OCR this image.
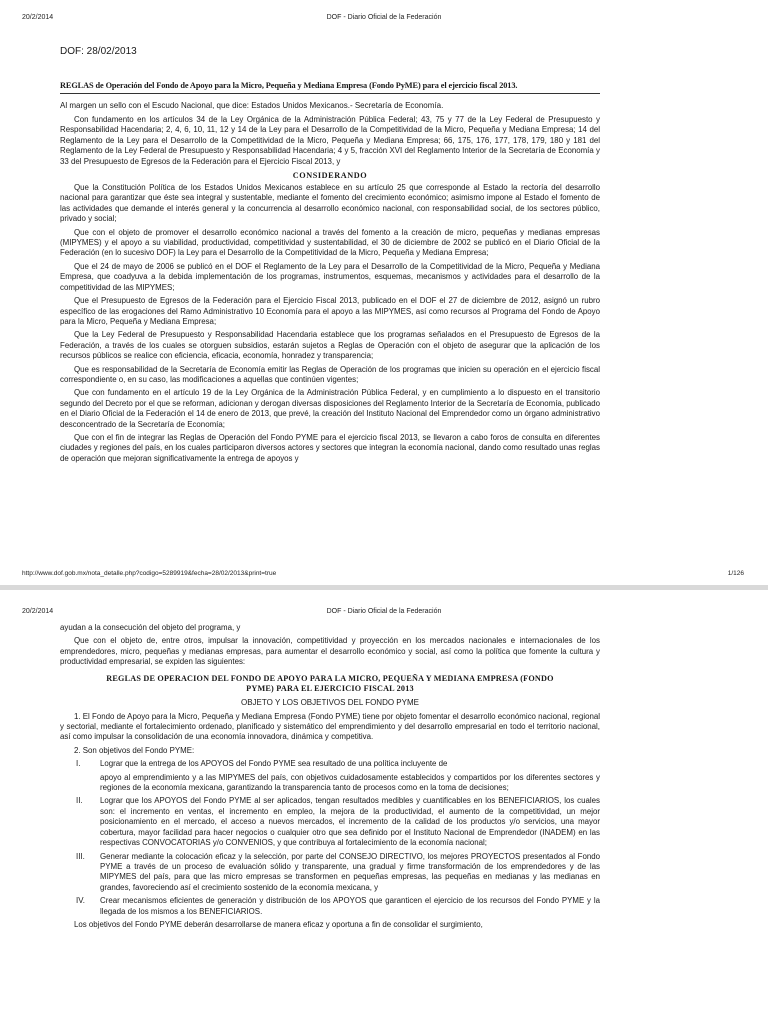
20/2/2014	DOF - Diario Oficial de la Federación

DOF: 28/02/2013

REGLAS de Operación del Fondo de Apoyo para la Micro, Pequeña y Mediana Empresa (Fondo PyME) para el ejercicio fiscal 2013.

Al margen un sello con el Escudo Nacional, que dice: Estados Unidos Mexicanos.- Secretaría de Economía.

Con fundamento en los artículos 34 de la Ley Orgánica de la Administración Pública Federal; 43, 75 y 77 de la Ley Federal de Presupuesto y Responsabilidad Hacendaria; 2, 4, 6, 10, 11, 12 y 14 de la Ley para el Desarrollo de la Competitividad de la Micro, Pequeña y Mediana Empresa; 14 del Reglamento de la Ley para el Desarrollo de la Competitividad de la Micro, Pequeña y Mediana Empresa; 66, 175, 176, 177, 178, 179, 180 y 181 del Reglamento de la Ley Federal de Presupuesto y Responsabilidad Hacendaria; 4 y 5, fracción XVI del Reglamento Interior de la Secretaría de Economía y 33 del Presupuesto de Egresos de la Federación para el Ejercicio Fiscal 2013, y

CONSIDERANDO

Que la Constitución Política de los Estados Unidos Mexicanos establece en su artículo 25 que corresponde al Estado la rectoría del desarrollo nacional para garantizar que éste sea integral y sustentable, mediante el fomento del crecimiento económico; asimismo impone al Estado el fomento de las actividades que demande el interés general y la concurrencia al desarrollo económico nacional, con responsabilidad social, de los sectores público, privado y social;

Que con el objeto de promover el desarrollo económico nacional a través del fomento a la creación de micro, pequeñas y medianas empresas (MIPYMES) y el apoyo a su viabilidad, productividad, competitividad y sustentabilidad, el 30 de diciembre de 2002 se publicó en el Diario Oficial de la Federación (en lo sucesivo DOF) la Ley para el Desarrollo de la Competitividad de la Micro, Pequeña y Mediana Empresa;

Que el 24 de mayo de 2006 se publicó en el DOF el Reglamento de la Ley para el Desarrollo de la Competitividad de la Micro, Pequeña y Mediana Empresa, que coadyuva a la debida implementación de los programas, instrumentos, esquemas, mecanismos y actividades para el desarrollo de la competitividad de las MIPYMES;

Que el Presupuesto de Egresos de la Federación para el Ejercicio Fiscal 2013, publicado en el DOF el 27 de diciembre de 2012, asignó un rubro específico de las erogaciones del Ramo Administrativo 10 Economía para el apoyo a las MIPYMES, así como recursos al Programa del Fondo de Apoyo para la Micro, Pequeña y Mediana Empresa;

Que la Ley Federal de Presupuesto y Responsabilidad Hacendaria establece que los programas señalados en el Presupuesto de Egresos de la Federación, a través de los cuales se otorguen subsidios, estarán sujetos a Reglas de Operación con el objeto de asegurar que la aplicación de los recursos públicos se realice con eficiencia, eficacia, economía, honradez y transparencia;

Que es responsabilidad de la Secretaría de Economía emitir las Reglas de Operación de los programas que inicien su operación en el ejercicio fiscal correspondiente o, en su caso, las modificaciones a aquellas que continúen vigentes;

Que con fundamento en el artículo 19 de la Ley Orgánica de la Administración Pública Federal, y en cumplimiento a lo dispuesto en el transitorio segundo del Decreto por el que se reforman, adicionan y derogan diversas disposiciones del Reglamento Interior de la Secretaría de Economía, publicado en el Diario Oficial de la Federación el 14 de enero de 2013, que prevé, la creación del Instituto Nacional del Emprendedor como un órgano administrativo desconcentrado de la Secretaría de Economía;

Que con el fin de integrar las Reglas de Operación del Fondo PYME para el ejercicio fiscal 2013, se llevaron a cabo foros de consulta en diferentes ciudades y regiones del país, en los cuales participaron diversos actores y sectores que integran la economía nacional, dando como resultado unas reglas de operación que mejoran significativamente la entrega de apoyos y

http://www.dof.gob.mx/nota_detalle.php?codigo=5289919&fecha=28/02/2013&print=true	1/126
20/2/2014	DOF - Diario Oficial de la Federación

ayudan a la consecución del objeto del programa, y

Que con el objeto de, entre otros, impulsar la innovación, competitividad y proyección en los mercados nacionales e internacionales de los emprendedores, micro, pequeñas y medianas empresas, para aumentar el desarrollo económico y social, así como la política que fomente la cultura y productividad empresarial, se expiden las siguientes:

REGLAS DE OPERACION DEL FONDO DE APOYO PARA LA MICRO, PEQUEÑA Y MEDIANA EMPRESA (FONDO PYME) PARA EL EJERCICIO FISCAL 2013

OBJETO Y LOS OBJETIVOS DEL FONDO PYME

1. El Fondo de Apoyo para la Micro, Pequeña y Mediana Empresa (Fondo PYME) tiene por objeto fomentar el desarrollo económico nacional, regional y sectorial, mediante el fortalecimiento ordenado, planificado y sistemático del emprendimiento y del desarrollo empresarial en todo el territorio nacional, así como impulsar la consolidación de una economía innovadora, dinámica y competitiva.

2. Son objetivos del Fondo PYME:

I. Lograr que la entrega de los APOYOS del Fondo PYME sea resultado de una política incluyente de
apoyo al emprendimiento y a las MIPYMES del país, con objetivos cuidadosamente establecidos y compartidos por los diferentes sectores y regiones de la economía mexicana, garantizando la transparencia tanto de procesos como en la toma de decisiones;
II. Lograr que los APOYOS del Fondo PYME al ser aplicados, tengan resultados medibles y cuantificables en los BENEFICIARIOS, los cuales son: el incremento en ventas, el incremento en empleo, la mejora de la productividad, el aumento de la competitividad, un mejor posicionamiento en el mercado, el acceso a nuevos mercados, el incremento de la calidad de los productos y/o servicios, una mayor cobertura, mayor facilidad para hacer negocios o cualquier otro que sea definido por el Instituto Nacional de Emprendedor (INADEM) en las respectivas CONVOCATORIAS y/o CONVENIOS, y que contribuya al fortalecimiento de la economía nacional;
III. Generar mediante la colocación eficaz y la selección, por parte del CONSEJO DIRECTIVO, los mejores PROYECTOS presentados al Fondo PYME a través de un proceso de evaluación sólido y transparente, una gradual y firme transformación de los emprendedores y de las MIPYMES del país, para que las micro empresas se transformen en pequeñas empresas, las pequeñas en medianas y las medianas en grandes, favoreciendo así el crecimiento sostenido de la economía mexicana, y
IV. Crear mecanismos eficientes de generación y distribución de los APOYOS que garanticen el ejercicio de los recursos del Fondo PYME y la llegada de los mismos a los BENEFICIARIOS.

Los objetivos del Fondo PYME deberán desarrollarse de manera eficaz y oportuna a fin de consolidar el surgimiento,
